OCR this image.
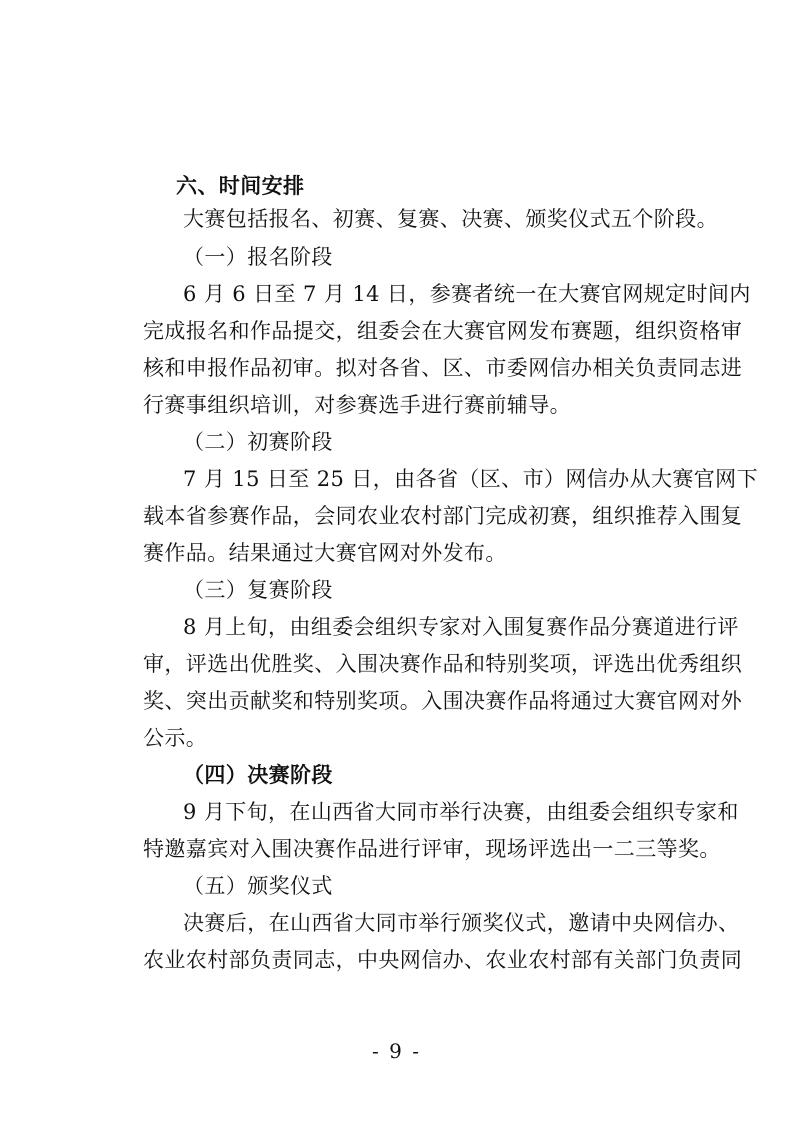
六、时间安排
大赛包括报名、初赛、复赛、决赛、颁奖仪式五个阶段。
（一）报名阶段
6 月 6 日至 7 月 14 日，参赛者统一在大赛官网规定时间内
完成报名和作品提交，组委会在大赛官网发布赛题，组织资格审
核和申报作品初审。拟对各省、区、市委网信办相关负责同志进
行赛事组织培训，对参赛选手进行赛前辅导。
（二）初赛阶段
7 月 15 日至 25 日，由各省（区、市）网信办从大赛官网下
载本省参赛作品，会同农业农村部门完成初赛，组织推荐入围复
赛作品。结果通过大赛官网对外发布。
（三）复赛阶段
8 月上旬，由组委会组织专家对入围复赛作品分赛道进行评
审，评选出优胜奖、入围决赛作品和特别奖项，评选出优秀组织
奖、突出贡献奖和特别奖项。入围决赛作品将通过大赛官网对外
公示。
（四）决赛阶段
9 月下旬，在山西省大同市举行决赛，由组委会组织专家和
特邀嘉宾对入围决赛作品进行评审，现场评选出一二三等奖。
（五）颁奖仪式
决赛后，在山西省大同市举行颁奖仪式，邀请中央网信办、
农业农村部负责同志，中央网信办、农业农村部有关部门负责同
- 9 -
